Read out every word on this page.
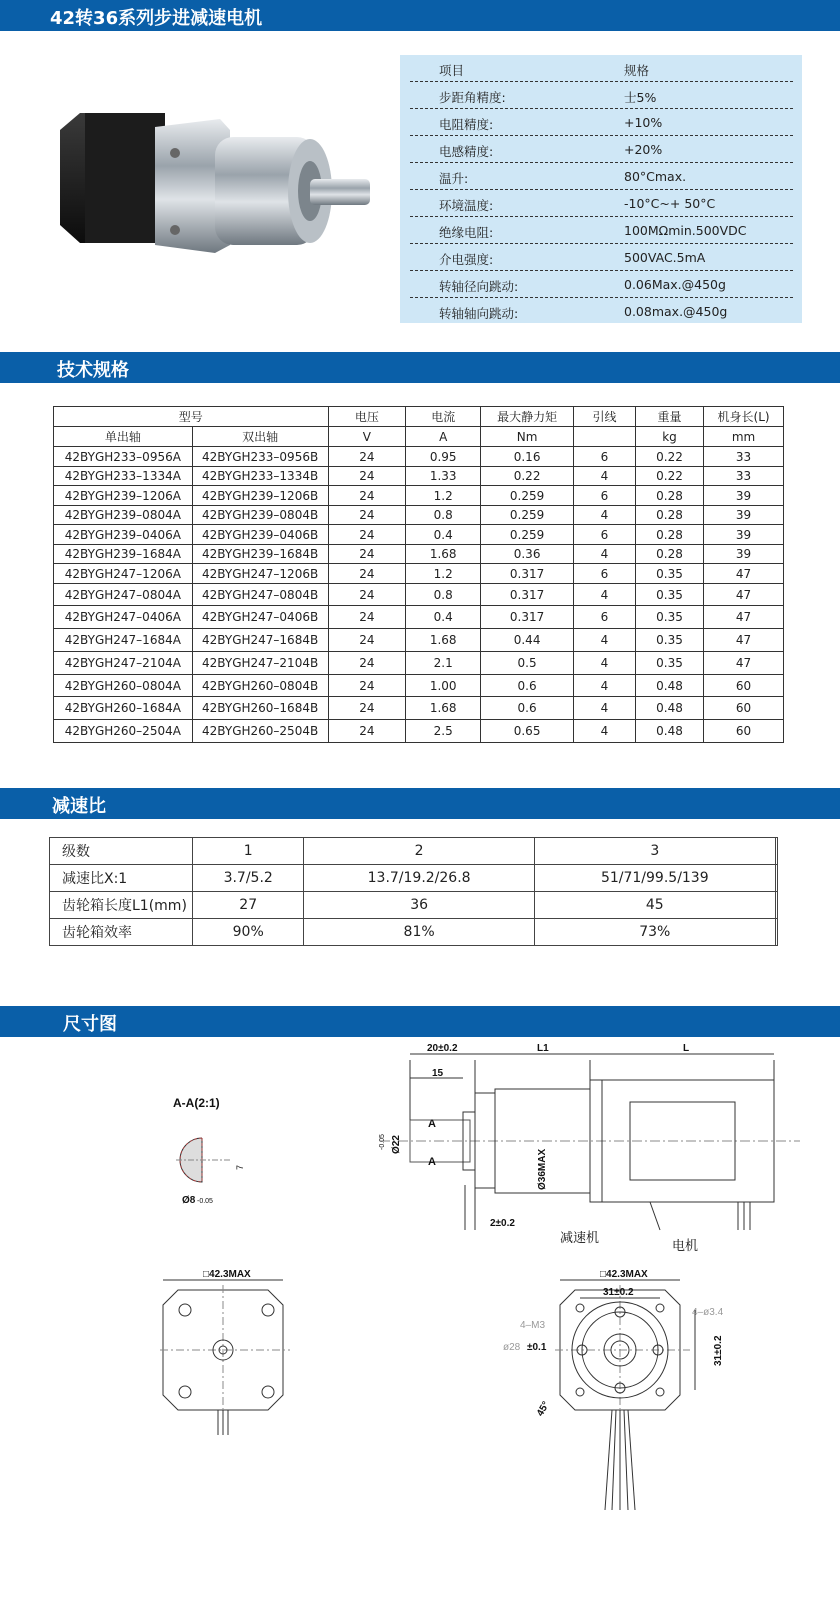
42转36系列步进减速电机
项目	规格
步距角精度:	士5%
电阻精度:	+10%
电感精度:	+20%
温升:	80°Cmax.
环境温度:	-10°C~+ 50°C
绝缘电阻:	100MΩmin.500VDC
介电强度:	500VAC.5mA
转轴径向跳动:	0.06Max.@450g
转轴轴向跳动:	0.08max.@450g
技术规格
型号		电压	电流	最大静力矩	引线	重量	机身长(L)
单出轴	双出轴	V	A	Nm		kg	mm
42BYGH233–0956A	42BYGH233–0956B	24	0.95	0.16	6	0.22	33
42BYGH233–1334A	42BYGH233–1334B	24	1.33	0.22	4	0.22	33
42BYGH239–1206A	42BYGH239–1206B	24	1.2	0.259	6	0.28	39
42BYGH239–0804A	42BYGH239–0804B	24	0.8	0.259	4	0.28	39
42BYGH239–0406A	42BYGH239–0406B	24	0.4	0.259	6	0.28	39
42BYGH239–1684A	42BYGH239–1684B	24	1.68	0.36	4	0.28	39
42BYGH247–1206A	42BYGH247–1206B	24	1.2	0.317	6	0.35	47
42BYGH247–0804A	42BYGH247–0804B	24	0.8	0.317	4	0.35	47
42BYGH247–0406A	42BYGH247–0406B	24	0.4	0.317	6	0.35	47
42BYGH247–1684A	42BYGH247–1684B	24	1.68	0.44	4	0.35	47
42BYGH247–2104A	42BYGH247–2104B	24	2.1	0.5	4	0.35	47
42BYGH260–0804A	42BYGH260–0804B	24	1.00	0.6	4	0.48	60
42BYGH260–1684A	42BYGH260–1684B	24	1.68	0.6	4	0.48	60
42BYGH260–2504A	42BYGH260–2504B	24	2.5	0.65	4	0.48	60
减速比
级数	1	2	3	
减速比X:1	3.7/5.2	13.7/19.2/26.8	51/71/99.5/139	
齿轮箱长度L1(mm)	27	36	45	
齿轮箱效率	90%	81%	73%	
尺寸图
A-A(2:1)
7
Ø8 -0.05
20±0.2	L1	L
15
A
A
Ø22
-0.05
Ø36MAX
2±0.2
减速机
电机
□42.3MAX	□42.3MAX
31±0.2
31±0.2
4–M3
4–ø3.4
ø28 ±0.1
45°
